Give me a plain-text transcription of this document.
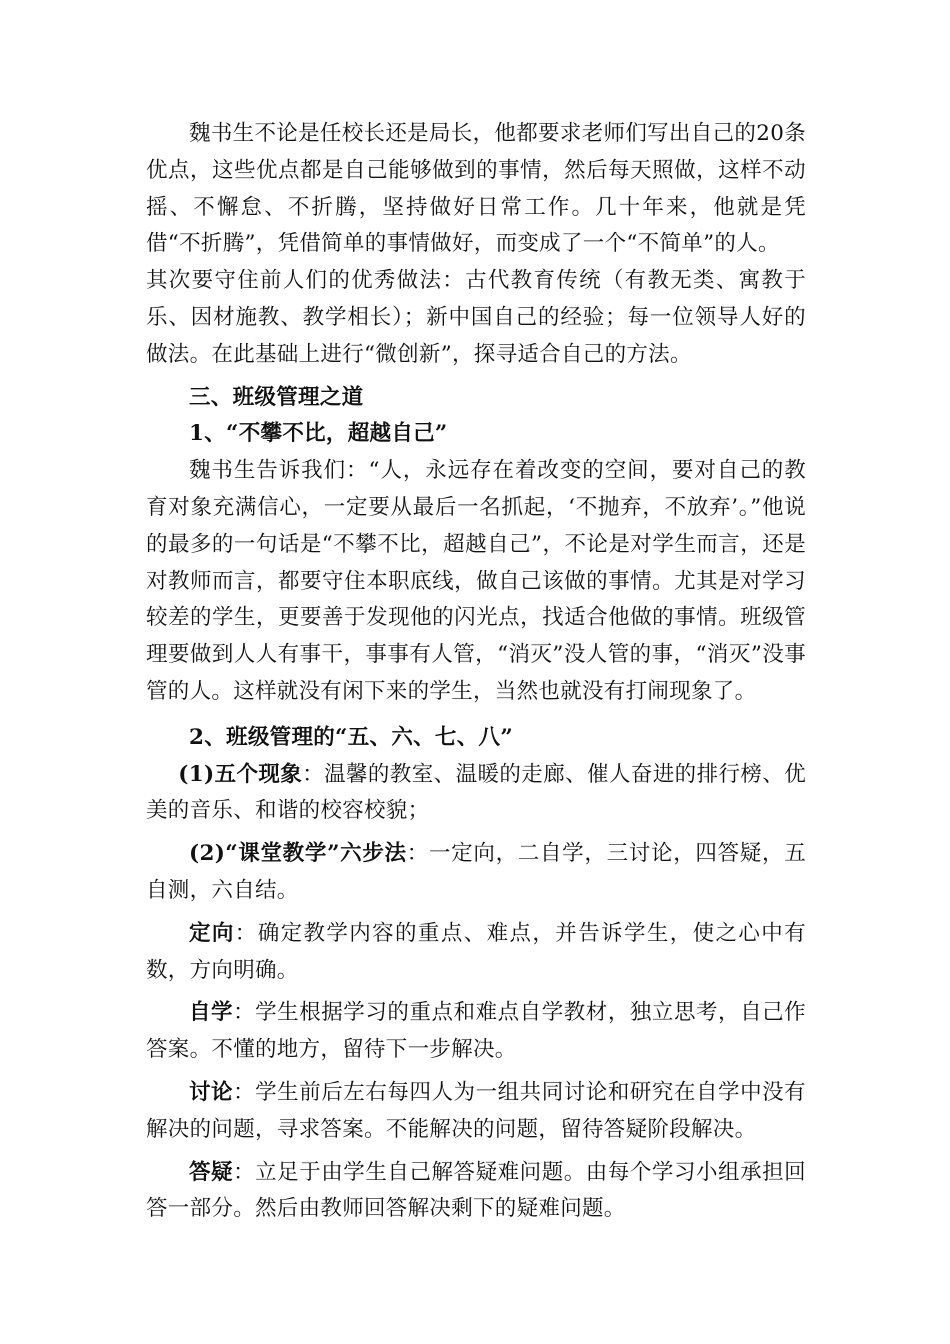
魏书生不论是任校长还是局长，他都要求老师们写出自己的20条优点，这些优点都是自己能够做到的事情，然后每天照做，这样不动摇、不懈怠、不折腾，坚持做好日常工作。几十年来，他就是凭借“不折腾”，凭借简单的事情做好，而变成了一个“不简单”的人。

其次要守住前人们的优秀做法：古代教育传统（有教无类、寓教于乐、因材施教、教学相长）；新中国自己的经验；每一位领导人好的做法。在此基础上进行“微创新”，探寻适合自己的方法。

三、班级管理之道

1、“不攀不比，超越自己”

魏书生告诉我们：“人，永远存在着改变的空间，要对自己的教育对象充满信心，一定要从最后一名抓起，‘不抛弃，不放弃’。”他说的最多的一句话是“不攀不比，超越自己”，不论是对学生而言，还是对教师而言，都要守住本职底线，做自己该做的事情。尤其是对学习较差的学生，更要善于发现他的闪光点，找适合他做的事情。班级管理要做到人人有事干，事事有人管，“消灭”没人管的事，“消灭”没事管的人。这样就没有闲下来的学生，当然也就没有打闹现象了。

2、班级管理的“五、六、七、八”

(1)五个现象：温馨的教室、温暖的走廊、催人奋进的排行榜、优美的音乐、和谐的校容校貌；

(2)“课堂教学”六步法：一定向，二自学，三讨论，四答疑，五自测，六自结。

定向：确定教学内容的重点、难点，并告诉学生，使之心中有数，方向明确。

自学：学生根据学习的重点和难点自学教材，独立思考，自己作答案。不懂的地方，留待下一步解决。

讨论：学生前后左右每四人为一组共同讨论和研究在自学中没有解决的问题，寻求答案。不能解决的问题，留待答疑阶段解决。

答疑：立足于由学生自己解答疑难问题。由每个学习小组承担回答一部分。然后由教师回答解决剩下的疑难问题。
